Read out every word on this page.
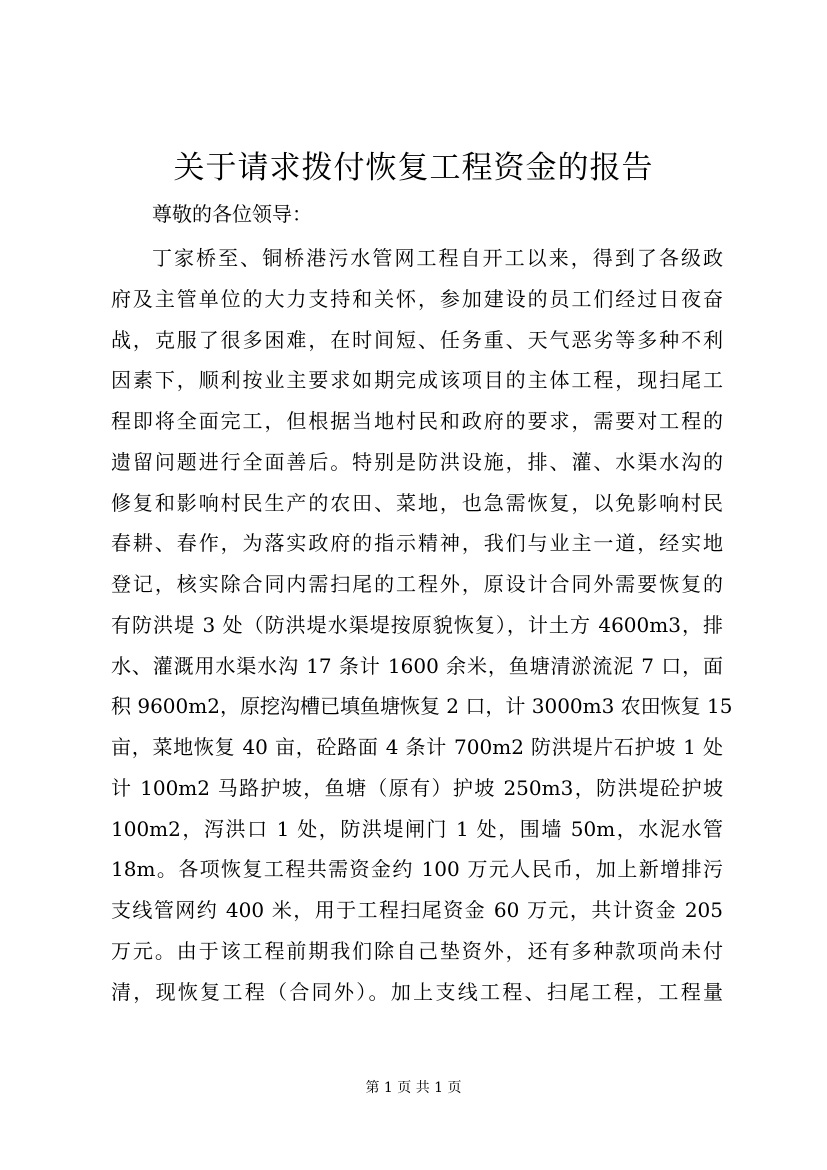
关于请求拨付恢复工程资金的报告
尊敬的各位领导：
丁家桥至、铜桥港污水管网工程自开工以来，得到了各级政
府及主管单位的大力支持和关怀，参加建设的员工们经过日夜奋
战，克服了很多困难，在时间短、任务重、天气恶劣等多种不利
因素下，顺利按业主要求如期完成该项目的主体工程，现扫尾工
程即将全面完工，但根据当地村民和政府的要求，需要对工程的
遗留问题进行全面善后。特别是防洪设施，排、灌、水渠水沟的
修复和影响村民生产的农田、菜地，也急需恢复，以免影响村民
春耕、春作，为落实政府的指示精神，我们与业主一道，经实地
登记，核实除合同内需扫尾的工程外，原设计合同外需要恢复的
有防洪堤 3 处（防洪堤水渠堤按原貌恢复），计土方 4600m3，排
水、灌溉用水渠水沟 17 条计 1600 余米，鱼塘清淤流泥 7 口，面
积 9600m2，原挖沟槽已填鱼塘恢复 2 口，计 3000m3 农田恢复 15
亩，菜地恢复 40 亩，砼路面 4 条计 700m2 防洪堤片石护坡 1 处
计 100m2 马路护坡，鱼塘（原有）护坡 250m3，防洪堤砼护坡
100m2，泻洪口 1 处，防洪堤闸门 1 处，围墙 50m，水泥水管
18m。各项恢复工程共需资金约 100 万元人民币，加上新增排污
支线管网约 400 米，用于工程扫尾资金 60 万元，共计资金 205
万元。由于该工程前期我们除自己垫资外，还有多种款项尚未付
清，现恢复工程（合同外）。加上支线工程、扫尾工程，工程量
第 1 页 共 1 页
